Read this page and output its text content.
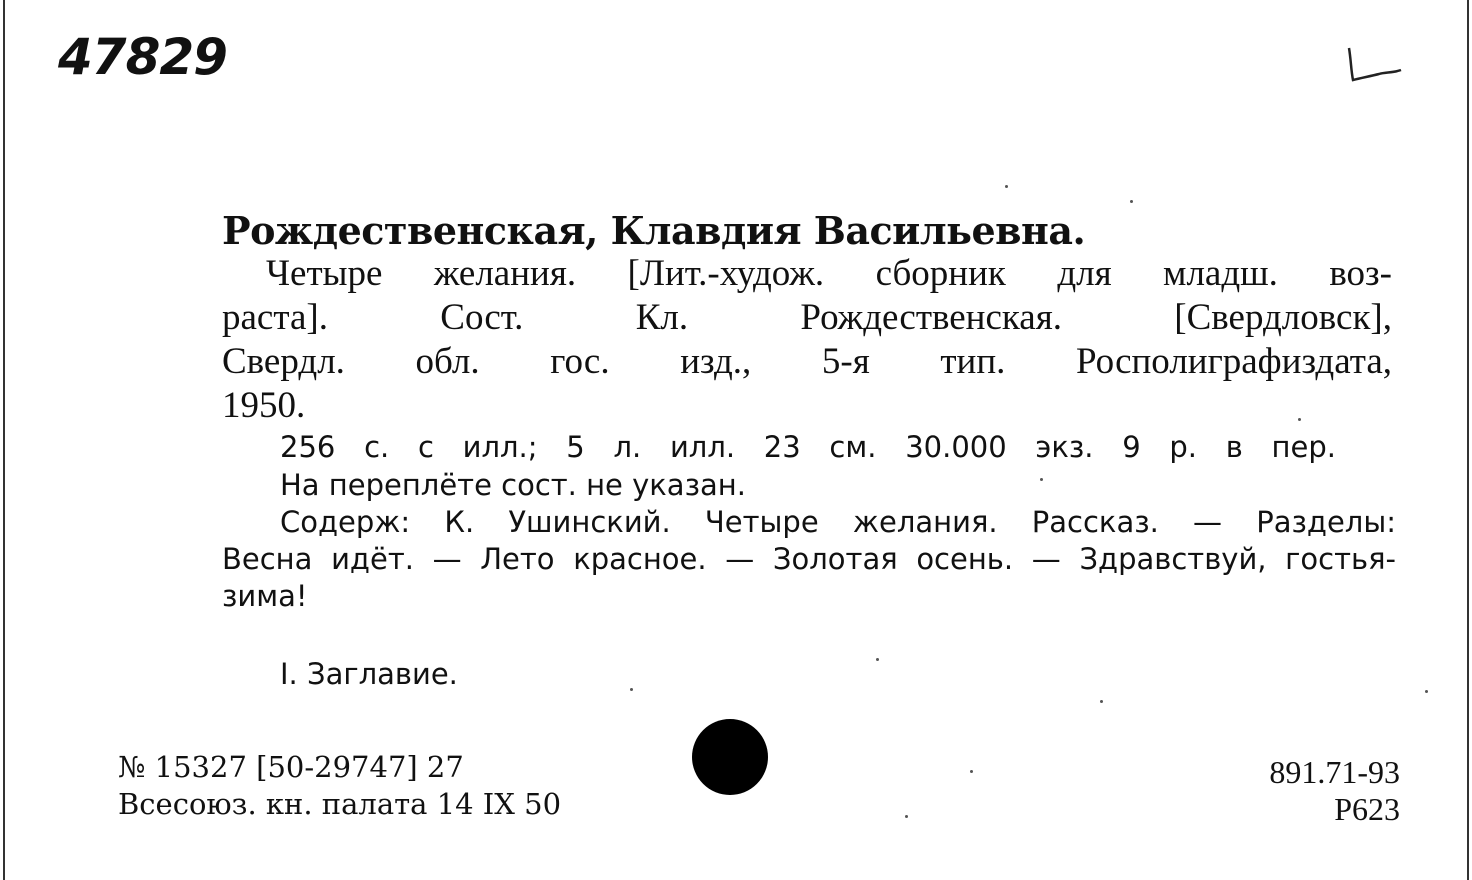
47829
Рождественская, Клавдия Васильевна.
Четыре желания. [Лит.-худож. сборник для младш. воз-
раста]. Сост. Кл. Рождественская. [Свердловск],
Свердл. обл. гос. изд., 5-я тип. Росполиграфиздата,
1950.
256 с. с илл.; 5 л. илл. 23 см. 30.000 экз. 9 р. в пер.
На переплёте сост. не указан.
Содерж: К. Ушинский. Четыре желания. Рассказ. — Разделы:
Весна идёт. — Лето красное. — Золотая осень. — Здравствуй, гостья-
зима!
I. Заглавие.
№ 15327 [50-29747] 27
Всесоюз. кн. палата 14 IX 50
891.71-93
Р623
